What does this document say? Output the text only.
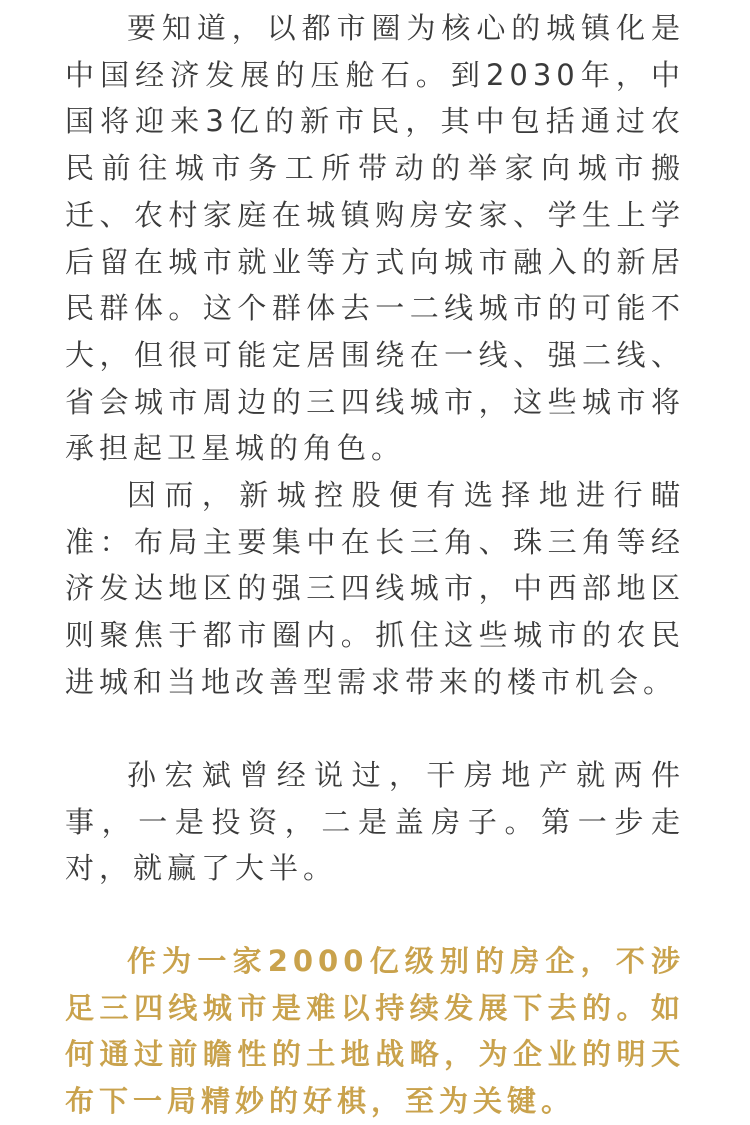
要知道，以都市圈为核心的城镇化是中国经济发展的压舱石。到2030年，中国将迎来3亿的新市民，其中包括通过农民前往城市务工所带动的举家向城市搬迁、农村家庭在城镇购房安家、学生上学后留在城市就业等方式向城市融入的新居民群体。这个群体去一二线城市的可能不大，但很可能定居围绕在一线、强二线、省会城市周边的三四线城市，这些城市将承担起卫星城的角色。

因而，新城控股便有选择地进行瞄准：布局主要集中在长三角、珠三角等经济发达地区的强三四线城市，中西部地区则聚焦于都市圈内。抓住这些城市的农民进城和当地改善型需求带来的楼市机会。

孙宏斌曾经说过，干房地产就两件事，一是投资，二是盖房子。第一步走对，就赢了大半。

作为一家2000亿级别的房企，不涉足三四线城市是难以持续发展下去的。如何通过前瞻性的土地战略，为企业的明天布下一局精妙的好棋，至为关键。
